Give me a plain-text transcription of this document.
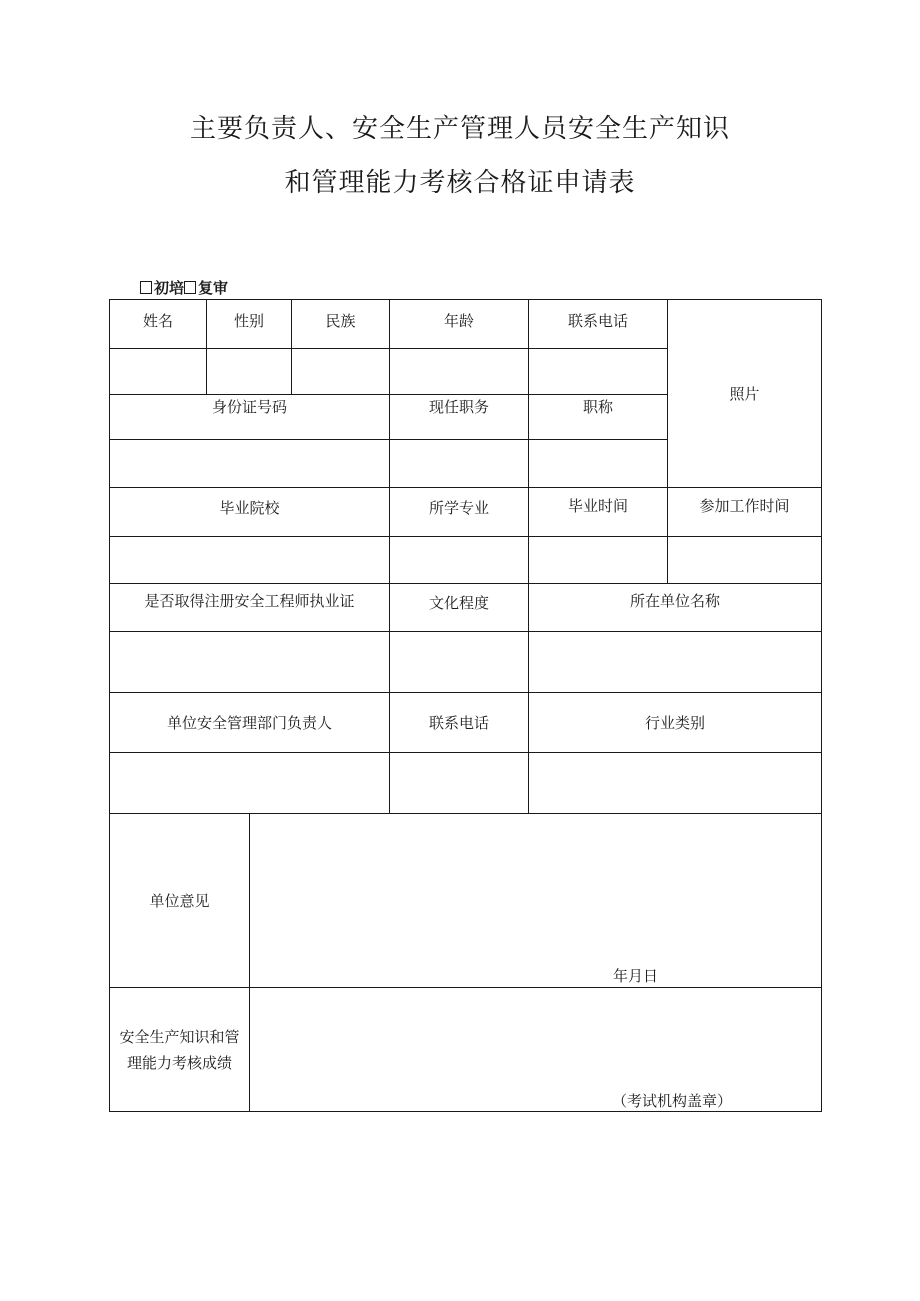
主要负责人、安全生产管理人员安全生产知识
和管理能力考核合格证申请表
初培 复审
姓名	性别	民族	年龄	联系电话
照片
身份证号码	现任职务	职称
毕业院校	所学专业	毕业时间	参加工作时间
是否取得注册安全工程师执业证	文化程度	所在单位名称
单位安全管理部门负责人	联系电话	行业类别
单位意见
年月日
安全生产知识和管
理能力考核成绩
（考试机构盖章）
